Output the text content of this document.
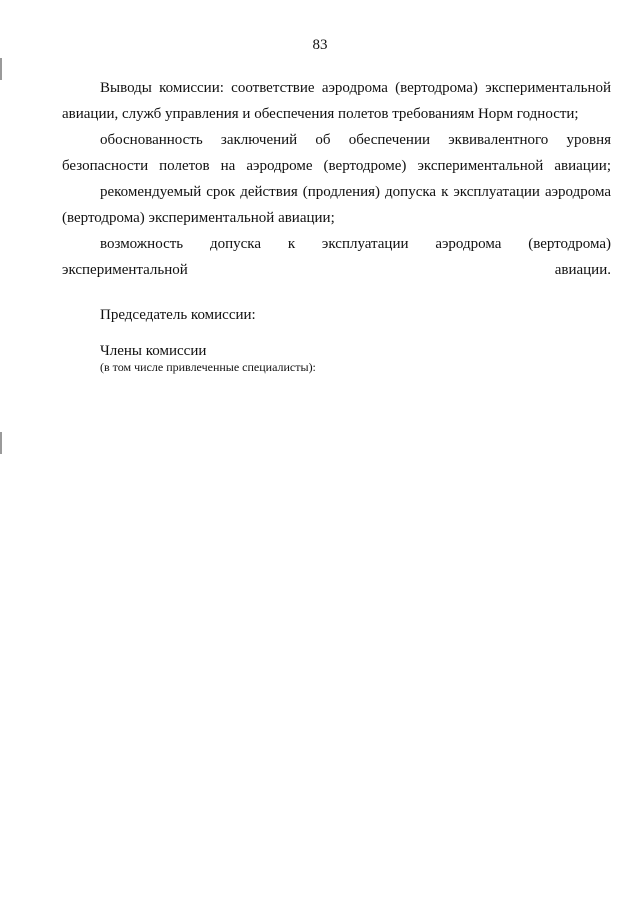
83

Выводы комиссии: соответствие аэродрома (вертодрома) экспериментальной авиации, служб управления и обеспечения полетов требованиям Норм годности;

обоснованность заключений об обеспечении эквивалентного уровня безопасности полетов на аэродроме (вертодроме) экспериментальной авиации;

рекомендуемый срок действия (продления) допуска к эксплуатации аэродрома (вертодрома) экспериментальной авиации;

возможность допуска к эксплуатации аэродрома (вертодрома) экспериментальной авиации.

Председатель комиссии:

Члены комиссии
(в том числе привлеченные специалисты):
